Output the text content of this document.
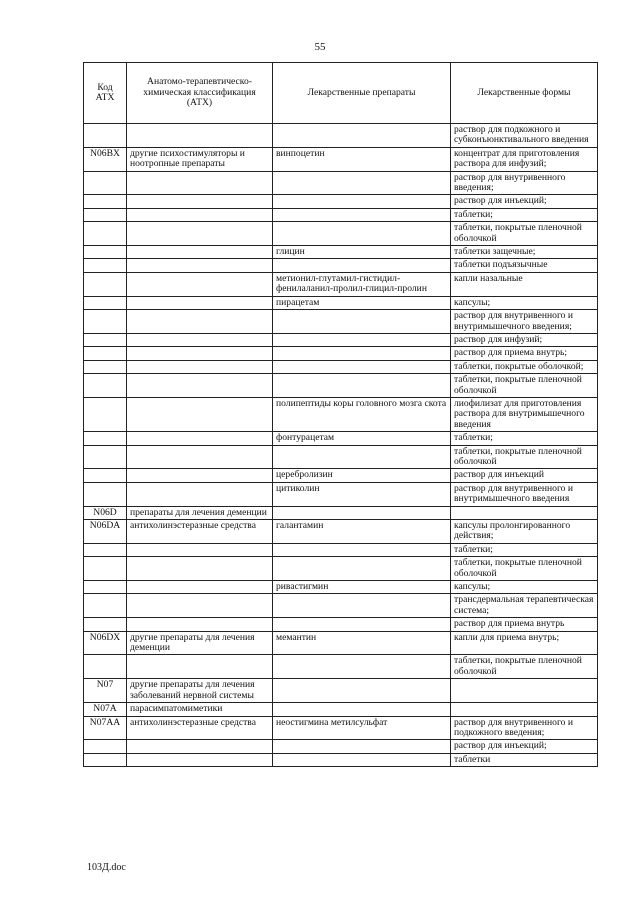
55
Код АТХ	Анатомо-терапевтическо-химическая классификация (АТХ)	Лекарственные препараты	Лекарственные формы
			раствор для подкожного и субконъюнктивального введения
N06BX	другие психостимуляторы и ноотропные препараты	винпоцетин	концентрат для приготовления раствора для инфузий;
			раствор для внутривенного введения;
			раствор для инъекций;
			таблетки;
			таблетки, покрытые пленочной оболочкой
		глицин	таблетки защечные;
			таблетки подъязычные
		метионил-глутамил-гистидил-фенилаланил-пролил-глицил-пролин	капли назальные
		пирацетам	капсулы;
			раствор для внутривенного и внутримышечного введения;
			раствор для инфузий;
			раствор для приема внутрь;
			таблетки, покрытые оболочкой;
			таблетки, покрытые пленочной оболочкой
		полипептиды коры головного мозга скота	лиофилизат для приготовления раствора для внутримышечного введения
		фонтурацетам	таблетки;
			таблетки, покрытые пленочной оболочкой
		церебролизин	раствор для инъекций
		цитиколин	раствор для внутривенного и внутримышечного введения
N06D	препараты для лечения деменции		
N06DA	антихолинэстеразные средства	галантамин	капсулы пролонгированного действия;
			таблетки;
			таблетки, покрытые пленочной оболочкой
		ривастигмин	капсулы;
			трансдермальная терапевтическая система;
			раствор для приема внутрь
N06DX	другие препараты для лечения деменции	мемантин	капли для приема внутрь;
			таблетки, покрытые пленочной оболочкой
N07	другие препараты для лечения заболеваний нервной системы		
N07A	парасимпатомиметики		
N07AA	антихолинэстеразные средства	неостигмина метилсульфат	раствор для внутривенного и подкожного введения;
			раствор для инъекций;
			таблетки
103Д.doc
